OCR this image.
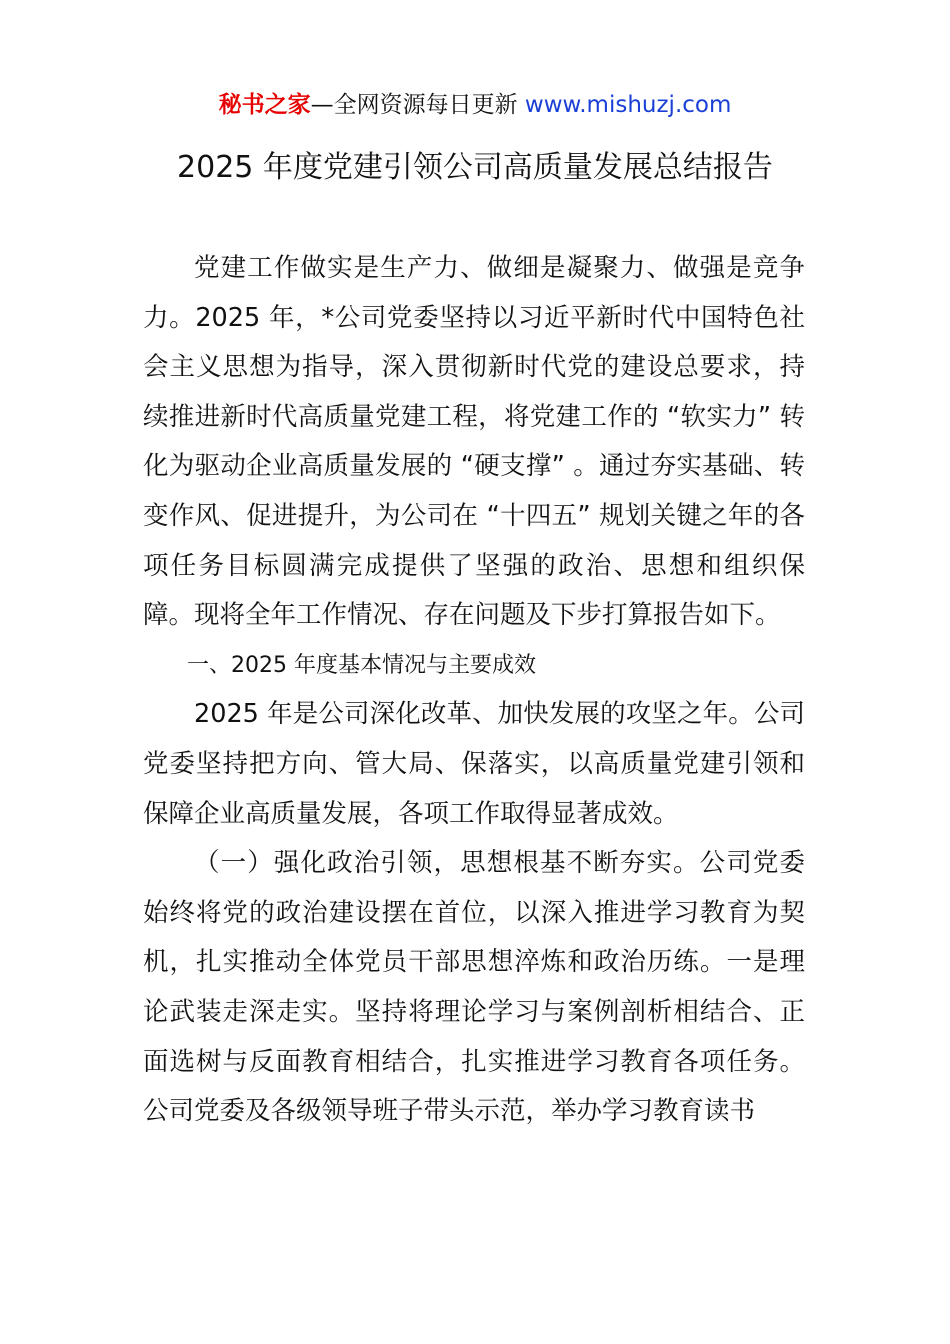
秘书之家—全网资源每日更新 www.mishuzj.com
2025 年度党建引领公司高质量发展总结报告

党建工作做实是生产力、做细是凝聚力、做强是竞争力。2025 年，*公司党委坚持以习近平新时代中国特色社会主义思想为指导，深入贯彻新时代党的建设总要求，持续推进新时代高质量党建工程，将党建工作的 “软实力” 转化为驱动企业高质量发展的 “硬支撑” 。通过夯实基础、转变作风、促进提升，为公司在 “十四五” 规划关键之年的各项任务目标圆满完成提供了坚强的政治、思想和组织保障。现将全年工作情况、存在问题及下步打算报告如下。

一、2025 年度基本情况与主要成效

2025 年是公司深化改革、加快发展的攻坚之年。公司党委坚持把方向、管大局、保落实，以高质量党建引领和保障企业高质量发展，各项工作取得显著成效。

（一）强化政治引领，思想根基不断夯实。公司党委始终将党的政治建设摆在首位，以深入推进学习教育为契机，扎实推动全体党员干部思想淬炼和政治历练。一是理论武装走深走实。坚持将理论学习与案例剖析相结合、正面选树与反面教育相结合，扎实推进学习教育各项任务。公司党委及各级领导班子带头示范，举办学习教育读书
